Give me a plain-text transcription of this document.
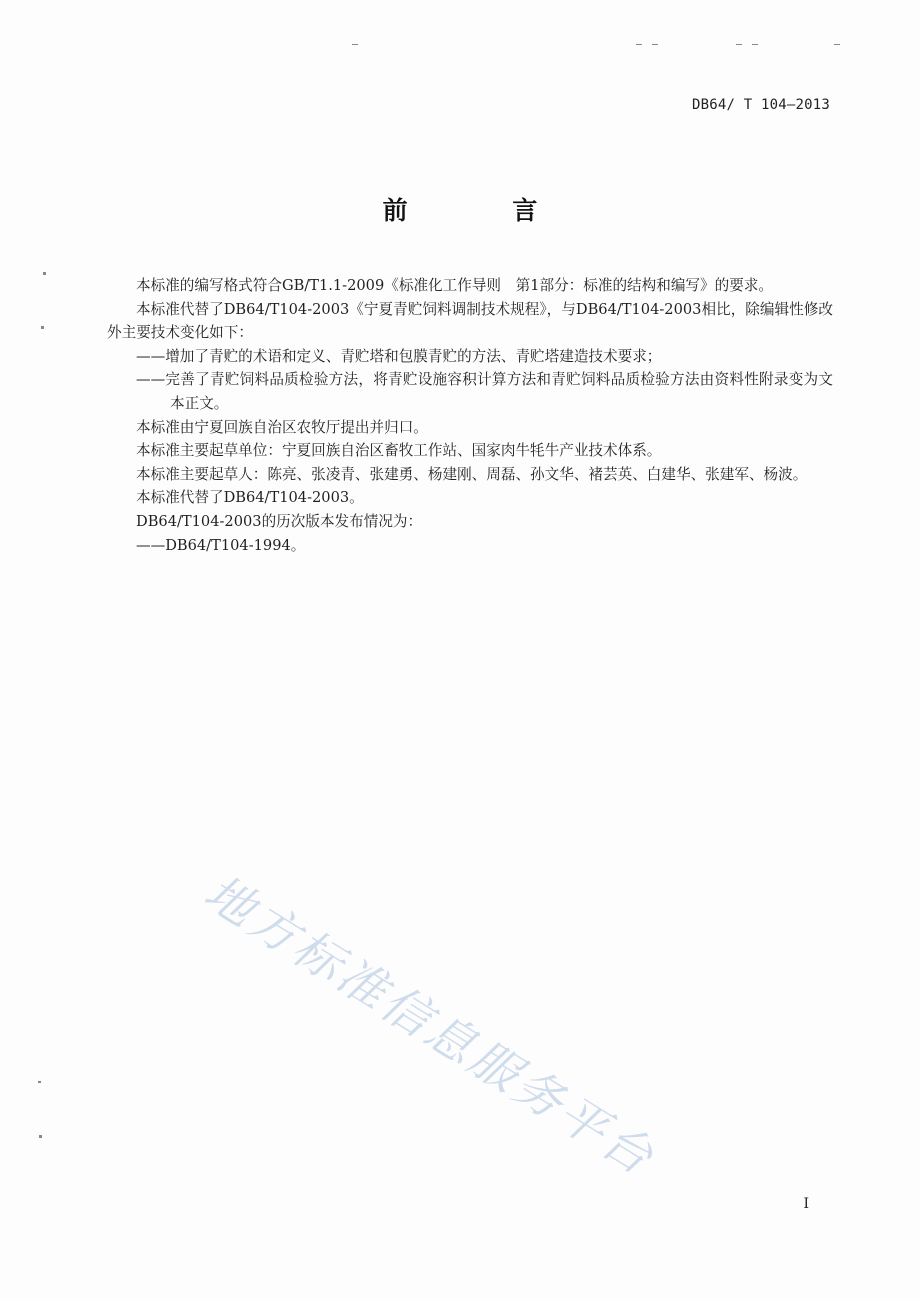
DB64/ T 104—2013
前 言

本标准的编写格式符合GB/T1.1-2009《标准化工作导则　第1部分：标准的结构和编写》的要求。

本标准代替了DB64/T104-2003《宁夏青贮饲料调制技术规程》，与DB64/T104-2003相比，除编辑性修改外主要技术变化如下：

——增加了青贮的术语和定义、青贮塔和包膜青贮的方法、青贮塔建造技术要求；

——完善了青贮饲料品质检验方法，将青贮设施容积计算方法和青贮饲料品质检验方法由资料性附录变为文本正文。

本标准由宁夏回族自治区农牧厅提出并归口。

本标准主要起草单位：宁夏回族自治区畜牧工作站、国家肉牛牦牛产业技术体系。

本标准主要起草人：陈亮、张凌青、张建勇、杨建刚、周磊、孙文华、褚芸英、白建华、张建军、杨波。

本标准代替了DB64/T104-2003。

DB64/T104-2003的历次版本发布情况为：

——DB64/T104-1994。

地方标准信息服务平台
I
